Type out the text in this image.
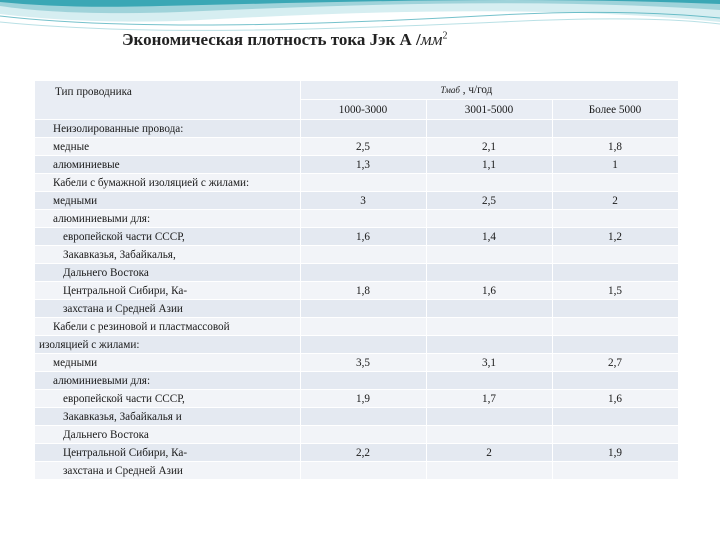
Экономическая плотность тока Jэк А $/мм^2$
Тип проводника	Тмаб , ч/год		
	1000-3000	3001-5000	Более 5000
Неизолированные провода:			
медные	2,5	2,1	1,8
алюминиевые	1,3	1,1	1
Кабели с бумажной изоляцией с жилами:			
медными	3	2,5	2
алюминиевыми для:			
европейской части СССР,	1,6	1,4	1,2
Закавказья, Забайкалья,			
Дальнего Востока			
Центральной Сибири, Ка-	1,8	1,6	1,5
захстана и Средней Азии			
Кабели с резиновой и пластмассовой			
изоляцией с жилами:			
медными	3,5	3,1	2,7
алюминиевыми для:			
европейской части СССР,	1,9	1,7	1,6
Закавказья, Забайкалья и			
Дальнего Востока			
Центральной Сибири, Ка-	2,2	2	1,9
захстана и Средней Азии			
